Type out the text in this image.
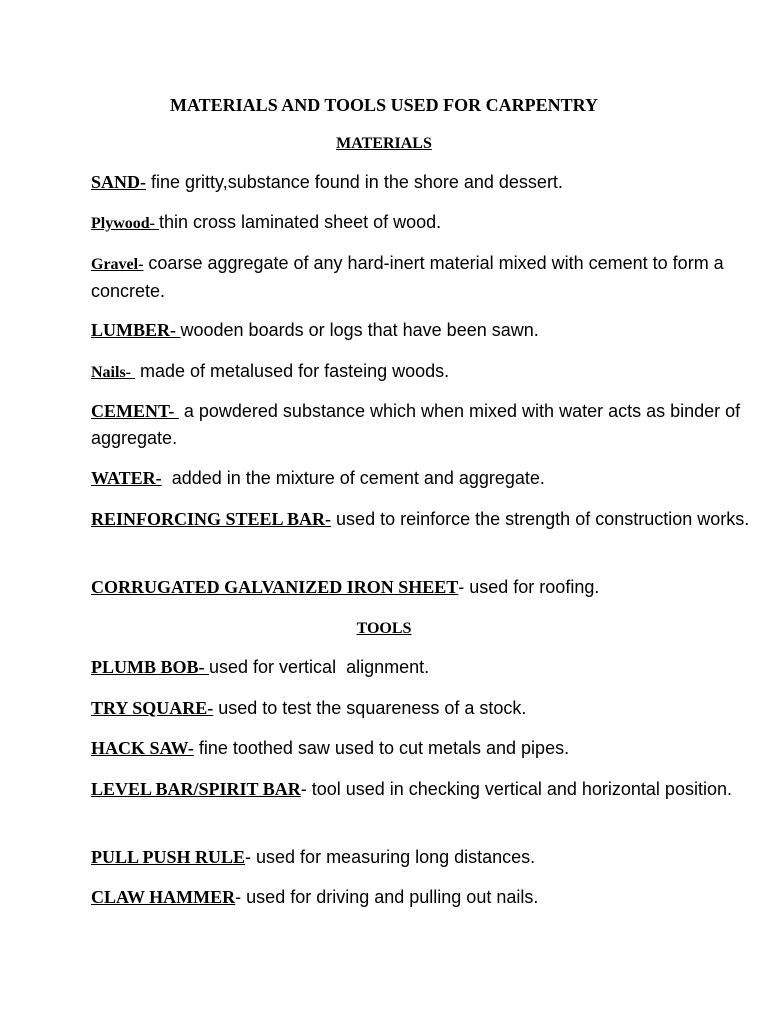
MATERIALS AND TOOLS USED FOR CARPENTRY
MATERIALS
SAND- fine gritty,substance found in the shore and dessert.
Plywood- thin cross laminated sheet of wood.
Gravel- coarse aggregate of any hard-inert material mixed with cement to form a concrete.
LUMBER- wooden boards or logs that have been sawn.
Nails-  made of metalused for fasteing woods.
CEMENT-  a powdered substance which when mixed with water acts as binder of aggregate.
WATER-  added in the mixture of cement and aggregate.
REINFORCING STEEL BAR- used to reinforce the strength of construction works.
CORRUGATED GALVANIZED IRON SHEET- used for roofing.
TOOLS
PLUMB BOB- used for vertical  alignment.
TRY SQUARE- used to test the squareness of a stock.
HACK SAW- fine toothed saw used to cut metals and pipes.
LEVEL BAR/SPIRIT BAR- tool used in checking vertical and horizontal position.
PULL PUSH RULE- used for measuring long distances.
CLAW HAMMER- used for driving and pulling out nails.
